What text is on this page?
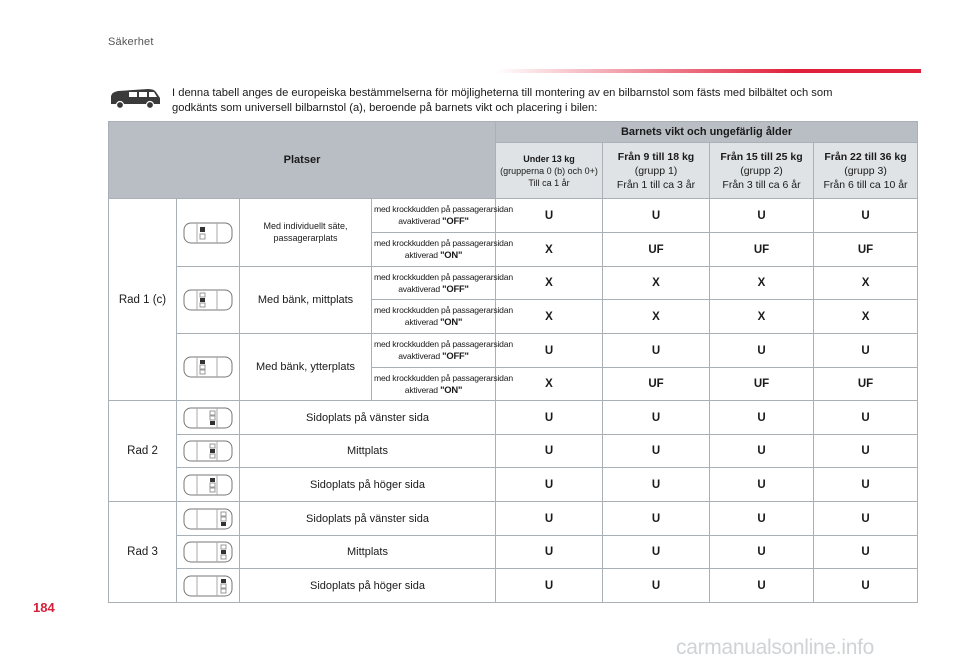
Säkerhet
I denna tabell anges de europeiska bestämmelserna för möjligheterna till montering av en bilbarnstol som fästs med bilbältet och som godkänts som universell bilbarnstol (a), beroende på barnets vikt och placering i bilen:
Platser				Barnets vikt och ungefärlig ålder			
				Under 13 kg
(grupperna 0 (b) och 0+)
Till ca 1 år	Från 9 till 18 kg
(grupp 1)
Från 1 till ca 3 år	Från 15 till 25 kg
(grupp 2)
Från 3 till ca 6 år	Från 22 till 36 kg
(grupp 3)
Från 6 till ca 10 år
Rad 1 (c)		Med individuellt säte, passagerarplats	med krockkudden på passagerarsidan
avaktiverad "OFF"	U	U	U	U
			med krockkudden på passagerarsidan
aktiverad "ON"	X	UF	UF	UF

	Med bänk, mittplats	med krockkudden på passagerarsidan
avaktiverad "OFF"	X	X	X	X
			med krockkudden på passagerarsidan
aktiverad "ON"	X	X	X	X

	Med bänk, ytterplats	med krockkudden på passagerarsidan
avaktiverad "OFF"	U	U	U	U
			med krockkudden på passagerarsidan
aktiverad "ON"	X	UF	UF	UF
Rad 2		Sidoplats på vänster sida		U	U	U	U

	Mittplats		U	U	U	U

	Sidoplats på höger sida		U	U	U	U
Rad 3		Sidoplats på vänster sida		U	U	U	U

	Mittplats		U	U	U	U

	Sidoplats på höger sida		U	U	U	U
184
carmanualsonline.info
